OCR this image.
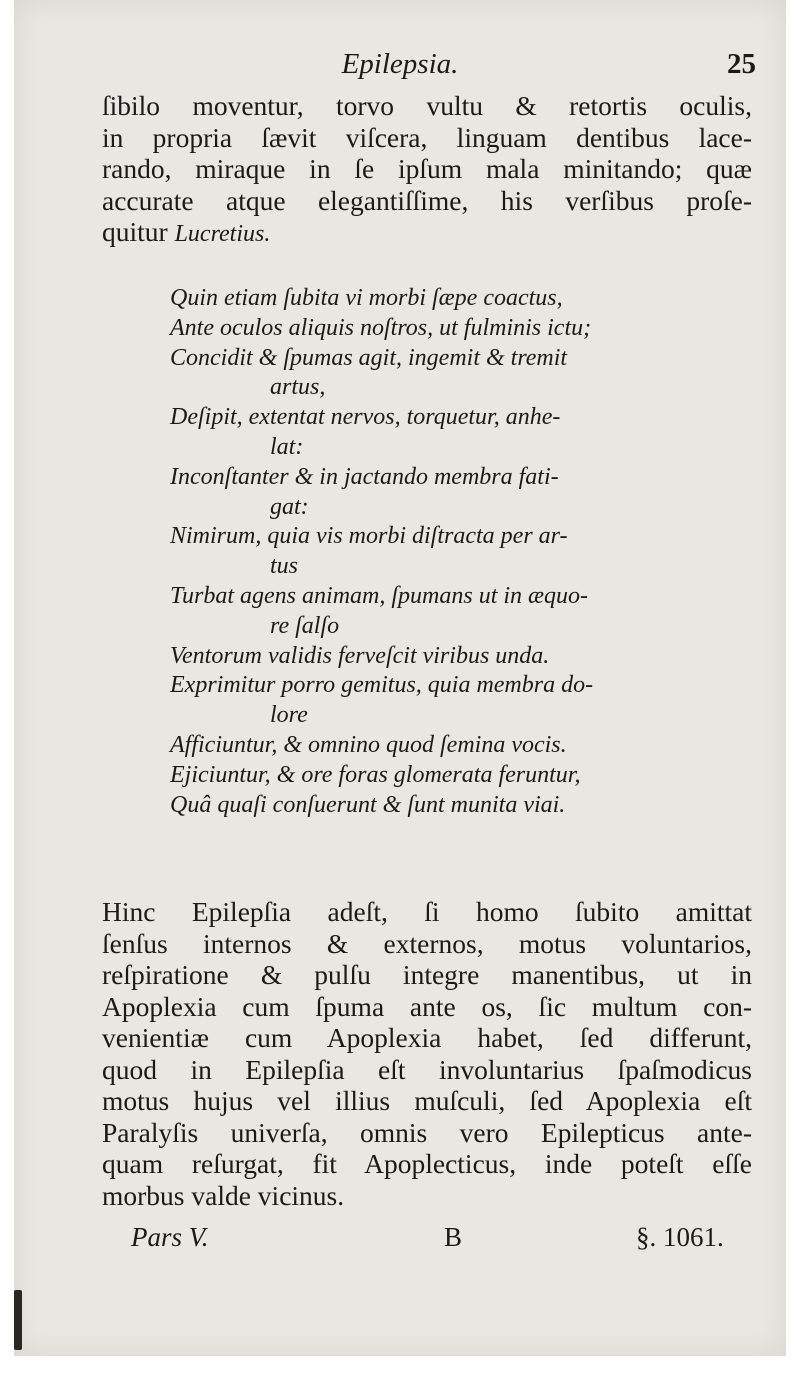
Epilepsia.	25
ſibilo moventur, torvo vultu & retortis oculis,
in propria ſævit viſcera, linguam dentibus lace-
rando, miraque in ſe ipſum mala minitando; quæ
accurate atque elegantiſſime, his verſibus proſe-
quitur Lucretius.
Quin etiam ſubita vi morbi ſæpe coactus,
Ante oculos aliquis noſtros, ut fulminis ictu;
Concidit & ſpumas agit, ingemit & tremit
artus,
Deſipit, extentat nervos, torquetur, anhe-
lat:
Inconſtanter & in jactando membra fati-
gat:
Nimirum, quia vis morbi diſtracta per ar-
tus
Turbat agens animam, ſpumans ut in æquo-
re ſalſo
Ventorum validis ferveſcit viribus unda.
Exprimitur porro gemitus, quia membra do-
lore
Afficiuntur, & omnino quod ſemina vocis.
Ejiciuntur, & ore foras glomerata feruntur,
Quâ quaſi conſuerunt & ſunt munita viai.
Hinc Epilepſia adeſt, ſi homo ſubito amittat
ſenſus internos & externos, motus voluntarios,
reſpiratione & pulſu integre manentibus, ut in
Apoplexia cum ſpuma ante os, ſic multum con-
venientiæ cum Apoplexia habet, ſed differunt,
quod in Epilepſia eſt involuntarius ſpaſmodicus
motus hujus vel illius muſculi, ſed Apoplexia eſt
Paralyſis univerſa, omnis vero Epilepticus ante-
quam reſurgat, fit Apoplecticus, inde poteſt eſſe
morbus valde vicinus.
Pars V.	B	§. 1061.
